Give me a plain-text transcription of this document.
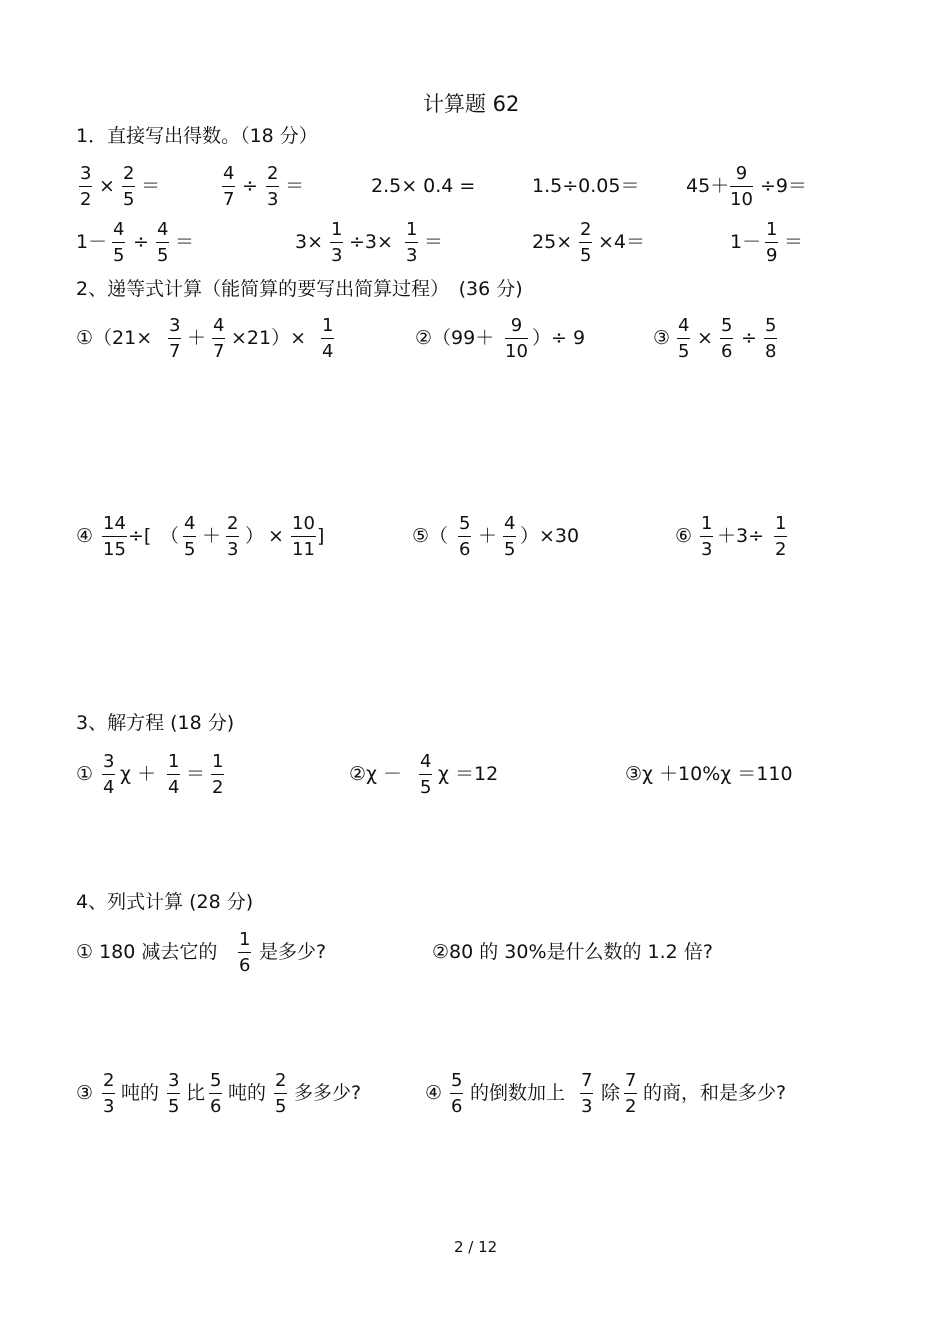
计算题 62
1．直接写出得数。（18 分）
$\frac{3}{2} \times \frac{2}{5}$ ＝	$\frac{4}{7} \div \frac{2}{3}$ ＝	2.5× 0.4 =	$1.5\div 0.05= 45+ \frac{9}{10} \div 9=$
$1- \frac{4}{5} \div \frac{4}{5}$ ＝	$3\times \frac{1}{3} \div 3\times \frac{1}{3}$ ＝	$25\times \frac{2}{5} \times 4=$	$1- \frac{1}{9}$ ＝
2、递等式计算（能简算的要写出简算过程）　(36 分)
①（21× $\frac{3}{7} + \frac{4}{7} \times 21)\times \frac{1}{4}$	②（99＋ $\frac{9}{10}$ ）÷ 9	③ $\frac{4}{5} \times \frac{5}{6} \div \frac{5}{8}$
④ $\frac{14}{15}$ ÷[ （ $\frac{4}{5} + \frac{2}{3}$ ） × $\frac{10}{11}$ ]	⑤（ $\frac{5}{6} + \frac{4}{5} )\times 30$	⑥ $\frac{1}{3} +3\div \frac{1}{2}$
3、解方程 (18 分)
① $\frac{3}{4}$ $\chi + \frac{1}{4} = \frac{1}{2}$	②χ － $\frac{4}{5}$ χ ＝12	③χ ＋10%χ ＝110
4、列式计算 (28 分)
① 180 减去它的 $\frac{1}{6}$ 是多少?	②80 的 30%是什么数的 1.2 倍?
③ $\frac{2}{3}$ 吨的 $\frac{3}{5}$ 比 $\frac{5}{6}$ 吨的 $\frac{2}{5}$ 多多少?	④ $\frac{5}{6}$ 的倒数加上 $\frac{7}{3}$ 除 $\frac{7}{2}$ 的商，和是多少?
2 / 12
